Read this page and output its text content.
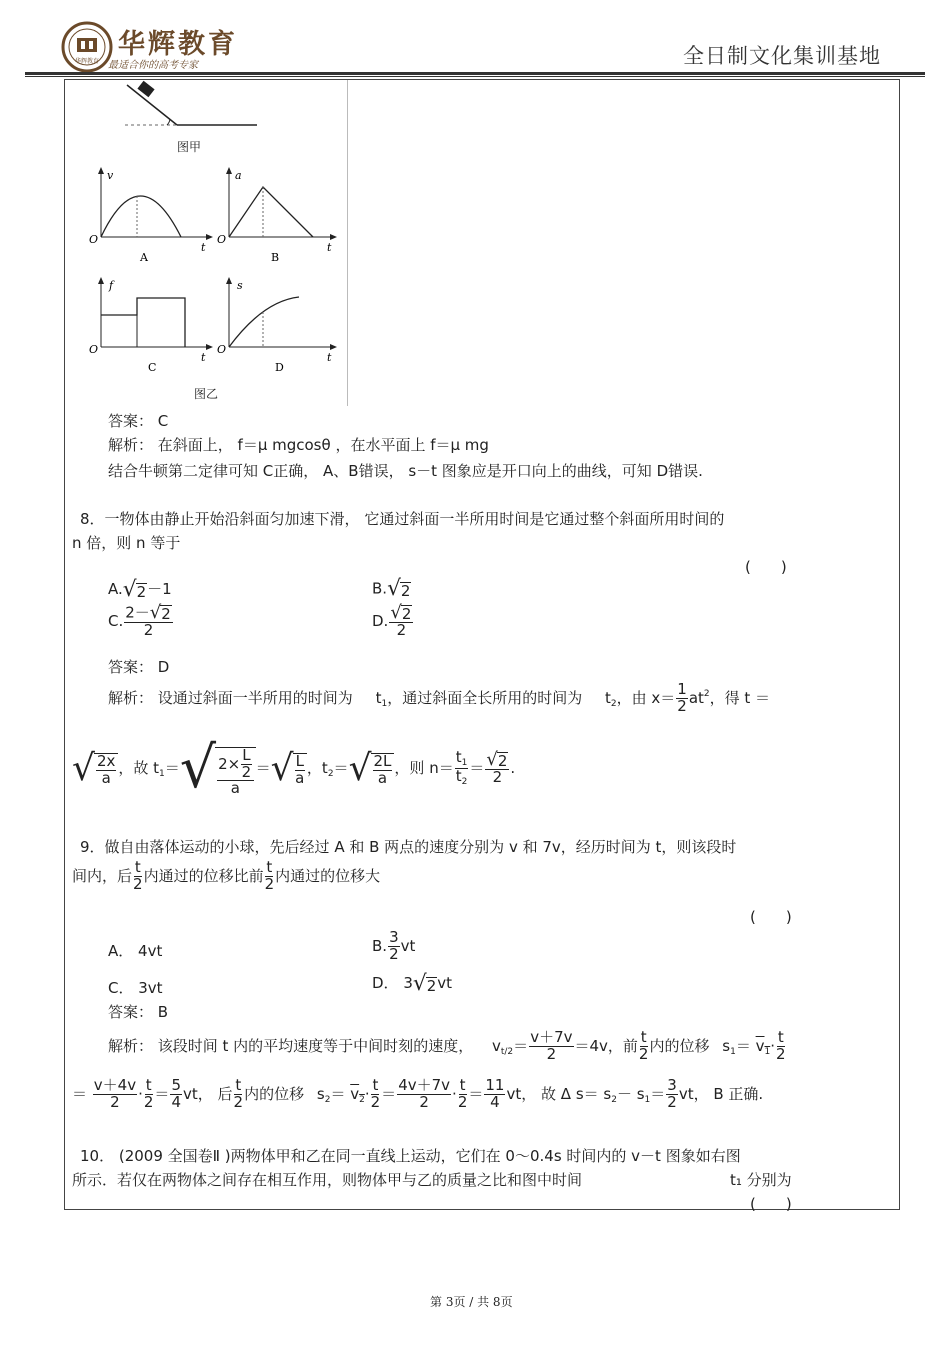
华辉教育
华辉教育
最适合你的高考专家	全日制文化集训基地
图甲
v
O
t
A
a
O
t
B
f
O
t
C
s
O
t
D
图乙
答案： C
解析： 在斜面上， f＝μ mgcosθ ，在水平面上 f＝μ mg
结合牛顿第二定律可知 C正确， A、B错误， s－t 图象应是开口向上的曲线，可知 D错误.
8．一物体由静止开始沿斜面匀加速下滑， 它通过斜面一半所用时间是它通过整个斜面所用时间的
n 倍，则 n 等于
(　　)
A. √ 2 －1	B. √ 2
C. $\frac{2- √ 2}{2}$	D. $\frac{√ 2}{2}$
答案： D
解析： 设通过斜面一半所用的时间为 $t_1$，通过斜面全长所用的时间为 $t_2$，由 $x= \frac{1}{2} at^2$，得 t ＝
√ $\frac{2x}{a}$ ，故 $t_1=$ √ $\frac{2\times \frac{L}{2}}{a}$ ＝ √ $\frac{L}{a}$ ，$t_2=$ √ $\frac{2L}{a}$ ，则 $n= \frac{t_1}{t_2} = \frac{√ 2}{2}$ .
9．做自由落体运动的小球，先后经过 A 和 B 两点的速度分别为 v 和 7v，经历时间为 t，则该段时
间内，后 $\frac{t}{2}$ 内通过的位移比前 $\frac{t}{2}$ 内通过的位移大
(　　)
A． 4vt	B. $\frac{3}{2}$ vt
C． 3vt	D． 3 √ 2 vt
答案： B
解析： 该段时间 t 内的平均速度等于中间时刻的速度， $v_{t/2}= \frac{v+7v}{2} =4v$，前 $\frac{t}{2}$ 内的位移 $s_1= v_1\cdot \frac{t}{2}$
＝ $\frac{v+4v}{2} \cdot \frac{t}{2} = \frac{5}{4}$ vt， 后 $\frac{t}{2}$ 内的位移 $s_2= v_2\cdot \frac{t}{2} = \frac{4v+7v}{2} \cdot \frac{t}{2} = \frac{11}{4}$ vt， 故 Δ $s= s_2- s_1= \frac{3}{2}$ vt， B 正确.
10． (2009 全国卷Ⅱ )两物体甲和乙在同一直线上运动，它们在 0～0.4s 时间内的 v－t 图象如右图
所示．若仅在两物体之间存在相互作用，则物体甲与乙的质量之比和图中时间	t₁ 分别为
(　　)
第 3页 / 共 8页
